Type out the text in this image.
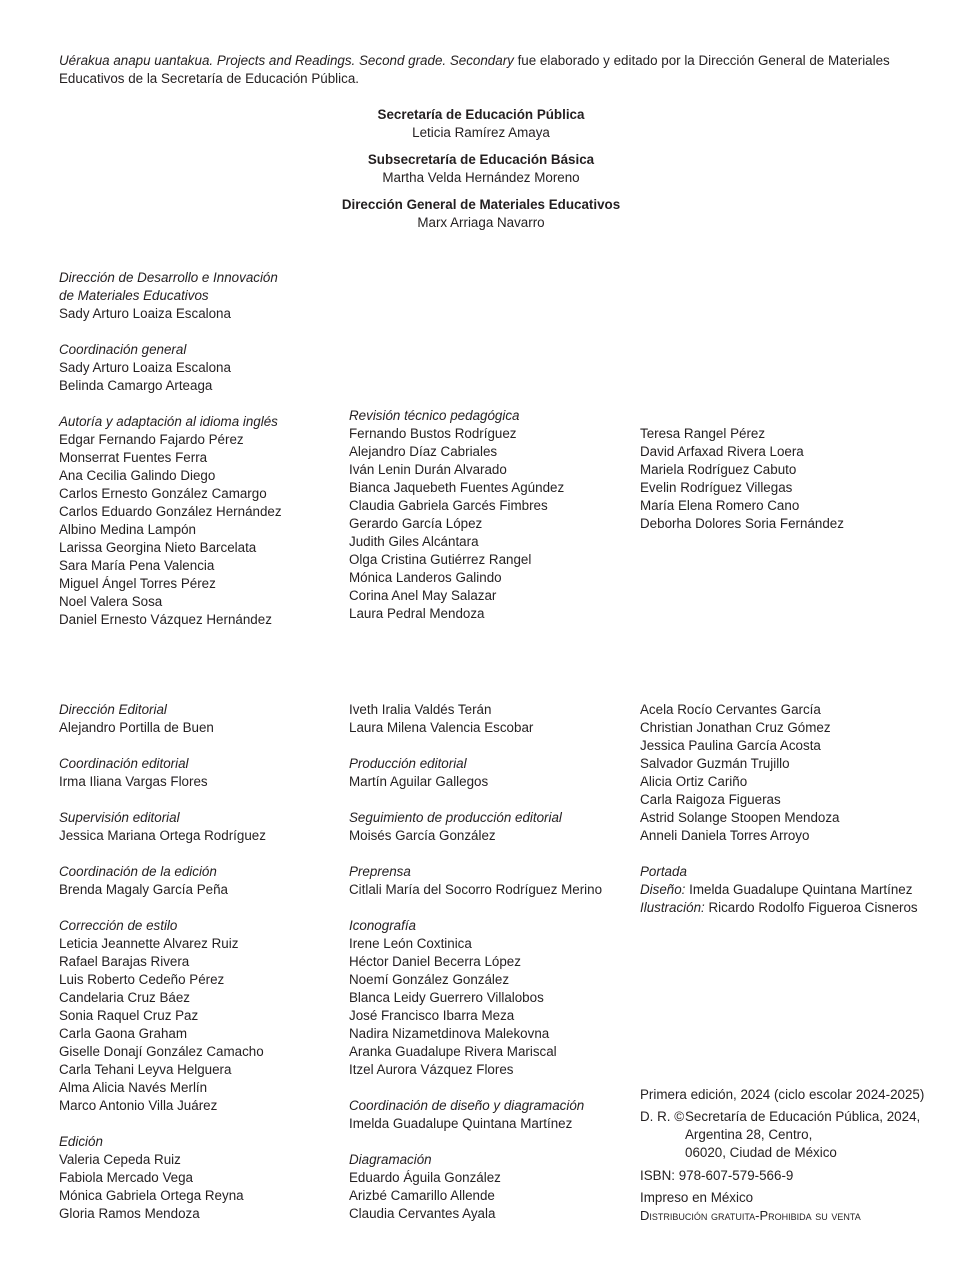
Uérakua anapu uantakua. Projects and Readings. Second grade. Secondary fue elaborado y editado por la Dirección General de Materiales Educativos de la Secretaría de Educación Pública.
Secretaría de Educación Pública
Leticia Ramírez Amaya
Subsecretaría de Educación Básica
Martha Velda Hernández Moreno
Dirección General de Materiales Educativos
Marx Arriaga Navarro
Dirección de Desarrollo e Innovación
de Materiales Educativos
Sady Arturo Loaiza Escalona
Coordinación general
Sady Arturo Loaiza Escalona
Belinda Camargo Arteaga
Autoría y adaptación al idioma inglés
Edgar Fernando Fajardo Pérez
Monserrat Fuentes Ferra
Ana Cecilia Galindo Diego
Carlos Ernesto González Camargo
Carlos Eduardo González Hernández
Albino Medina Lampón
Larissa Georgina Nieto Barcelata
Sara María Pena Valencia
Miguel Ángel Torres Pérez
Noel Valera Sosa
Daniel Ernesto Vázquez Hernández
Revisión técnico pedagógica
Fernando Bustos Rodríguez
Alejandro Díaz Cabriales
Iván Lenin Durán Alvarado
Bianca Jaquebeth Fuentes Agúndez
Claudia Gabriela Garcés Fimbres
Gerardo García López
Judith Giles Alcántara
Olga Cristina Gutiérrez Rangel
Mónica Landeros Galindo
Corina Anel May Salazar
Laura Pedral Mendoza
Teresa Rangel Pérez
David Arfaxad Rivera Loera
Mariela Rodríguez Cabuto
Evelin Rodríguez Villegas
María Elena Romero Cano
Deborha Dolores Soria Fernández
Dirección Editorial
Alejandro Portilla de Buen
Coordinación editorial
Irma Iliana Vargas Flores
Supervisión editorial
Jessica Mariana Ortega Rodríguez
Coordinación de la edición
Brenda Magaly García Peña
Corrección de estilo
Leticia Jeannette Alvarez Ruiz
Rafael Barajas Rivera
Luis Roberto Cedeño Pérez
Candelaria Cruz Báez
Sonia Raquel Cruz Paz
Carla Gaona Graham
Giselle Donají González Camacho
Carla Tehani Leyva Helguera
Alma Alicia Navés Merlín
Marco Antonio Villa Juárez
Edición
Valeria Cepeda Ruiz
Fabiola Mercado Vega
Mónica Gabriela Ortega Reyna
Gloria Ramos Mendoza
Iveth Iralia Valdés Terán
Laura Milena Valencia Escobar
Producción editorial
Martín Aguilar Gallegos
Seguimiento de producción editorial
Moisés García González
Preprensa
Citlali María del Socorro Rodríguez Merino
Iconografía
Irene León Coxtinica
Héctor Daniel Becerra López
Noemí González González
Blanca Leidy Guerrero Villalobos
José Francisco Ibarra Meza
Nadira Nizametdinova Malekovna
Aranka Guadalupe Rivera Mariscal
Itzel Aurora Vázquez Flores
Coordinación de diseño y diagramación
Imelda Guadalupe Quintana Martínez
Diagramación
Eduardo Águila González
Arizbé Camarillo Allende
Claudia Cervantes Ayala
Acela Rocío Cervantes García
Christian Jonathan Cruz Gómez
Jessica Paulina García Acosta
Salvador Guzmán Trujillo
Alicia Ortiz Cariño
Carla Raigoza Figueras
Astrid Solange Stoopen Mendoza
Anneli Daniela Torres Arroyo
Portada
Diseño: Imelda Guadalupe Quintana Martínez
Ilustración: Ricardo Rodolfo Figueroa Cisneros
Primera edición, 2024 (ciclo escolar 2024-2025)
D. R. © Secretaría de Educación Pública, 2024,
Argentina 28, Centro,
06020, Ciudad de México
ISBN: 978-607-579-566-9
Impreso en México
Distribución gratuita-Prohibida su venta
